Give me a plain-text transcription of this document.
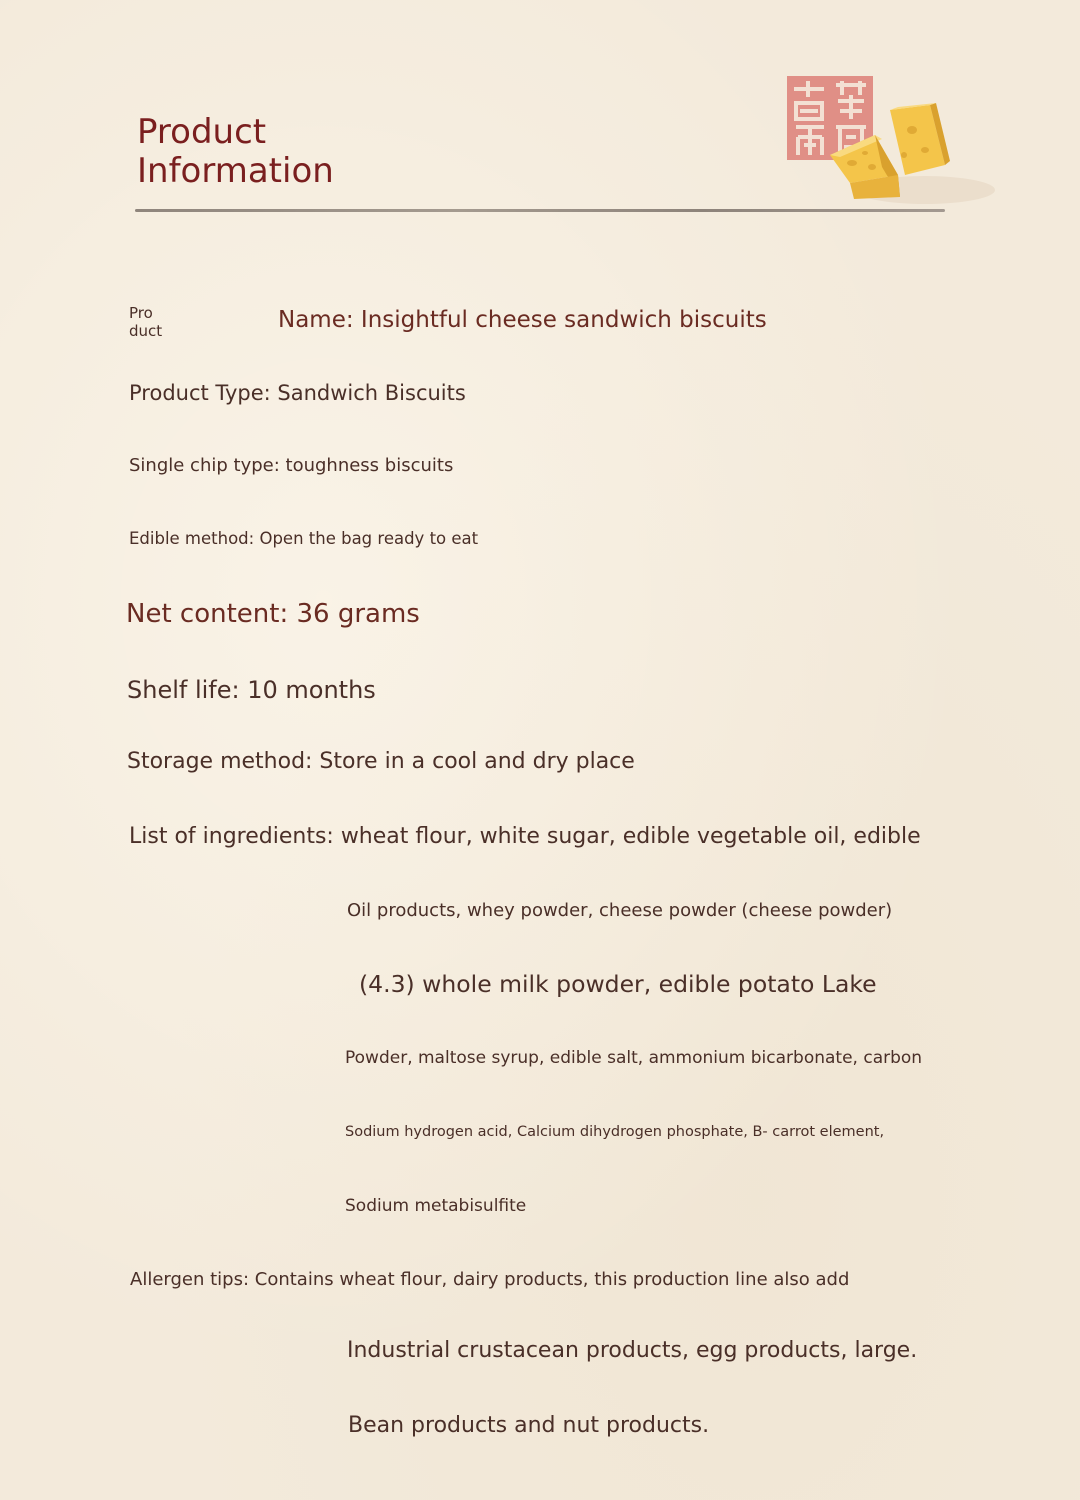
Product
Information
Pro
duct	Name: Insightful cheese sandwich biscuits
Product Type: Sandwich Biscuits
Single chip type: toughness biscuits
Edible method: Open the bag ready to eat
Net content: 36 grams
Shelf life: 10 months
Storage method: Store in a cool and dry place
List of ingredients: wheat flour, white sugar, edible vegetable oil, edible
Oil products, whey powder, cheese powder (cheese powder)
(4.3) whole milk powder, edible potato Lake
Powder, maltose syrup, edible salt, ammonium bicarbonate, carbon
Sodium hydrogen acid, Calcium dihydrogen phosphate, B- carrot element,
Sodium metabisulfite
Allergen tips: Contains wheat flour, dairy products, this production line also add
Industrial crustacean products, egg products, large.
Bean products and nut products.
